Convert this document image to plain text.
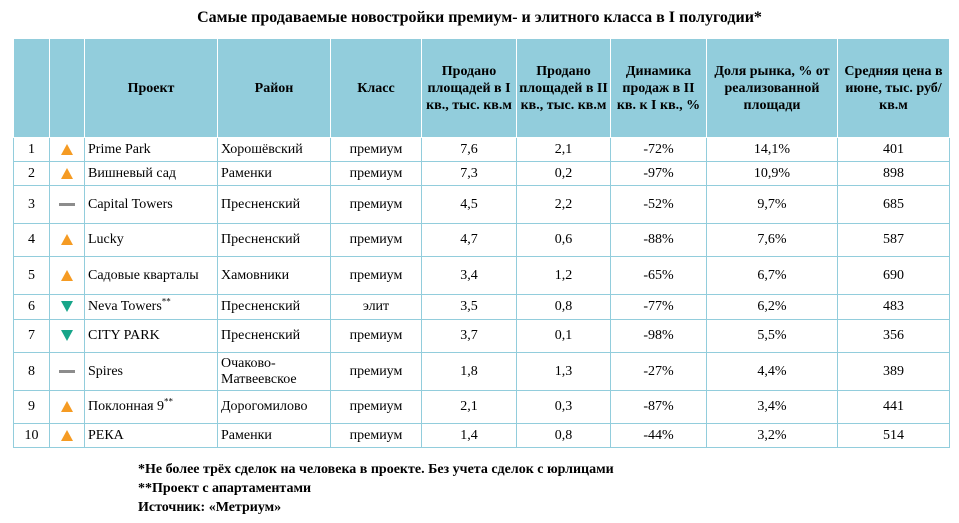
Самые продаваемые новостройки премиум- и элитного класса в I полугодии*
		Проект	Район	Класс	Продано площадей в I кв., тыс. кв.м	Продано площадей в II кв., тыс. кв.м	Динамика продаж в II кв. к I кв., %	Доля рынка, % от реализованной площади	Средняя цена в июне, тыс. руб/кв.м
1		Prime Park	Хорошёвский	премиум	7,6	2,1	-72%	14,1%	401
2		Вишневый сад	Раменки	премиум	7,3	0,2	-97%	10,9%	898
3		Capital Towers	Пресненский	премиум	4,5	2,2	-52%	9,7%	685
4		Lucky	Пресненский	премиум	4,7	0,6	-88%	7,6%	587
5		Садовые кварталы	Хамовники	премиум	3,4	1,2	-65%	6,7%	690
6		Neva Towers**	Пресненский	элит	3,5	0,8	-77%	6,2%	483
7		CITY PARK	Пресненский	премиум	3,7	0,1	-98%	5,5%	356
8		Spires	Очаково-Матвеевское	премиум	1,8	1,3	-27%	4,4%	389
9		Поклонная 9**	Дорогомилово	премиум	2,1	0,3	-87%	3,4%	441
10		РЕКА	Раменки	премиум	1,4	0,8	-44%	3,2%	514
*Не более трёх сделок на человека в проекте. Без учета сделок с юрлицами
**Проект с апартаментами
Источник: «Метриум»
